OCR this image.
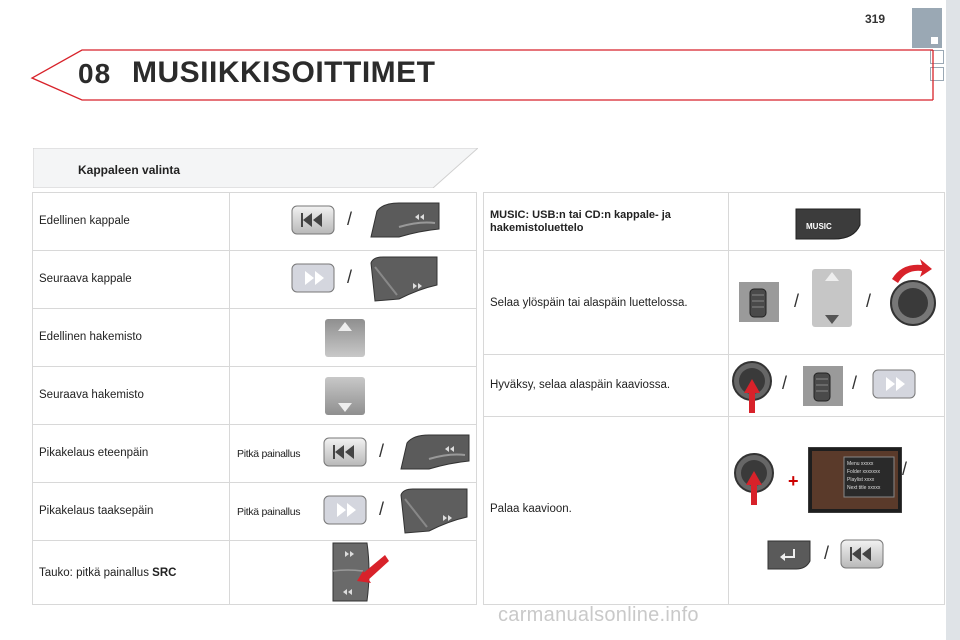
319
08 MUSIIKKISOITTIMET
Kappaleen valinta
Edellinen kappale	/
Seuraava kappale	/
Edellinen hakemisto
Seuraava hakemisto
Pikakelaus eteenpäin	Pitkä painallus	/
Pikakelaus taaksepäin	Pitkä painallus	/
Tauko: pitkä painallus SRC
MUSIC: USB:n tai CD:n kappale- ja hakemistoluettelo	MUSIC
Selaa ylöspäin tai alaspäin luettelossa.	/	/
Hyväksy, selaa alaspäin kaaviossa.	/	/
Palaa kaavioon.
+
Menu xxxxx
Folder xxxxxxx
Playlist xxxx
Next title xxxxx
/
/
carmanualsonline.info
